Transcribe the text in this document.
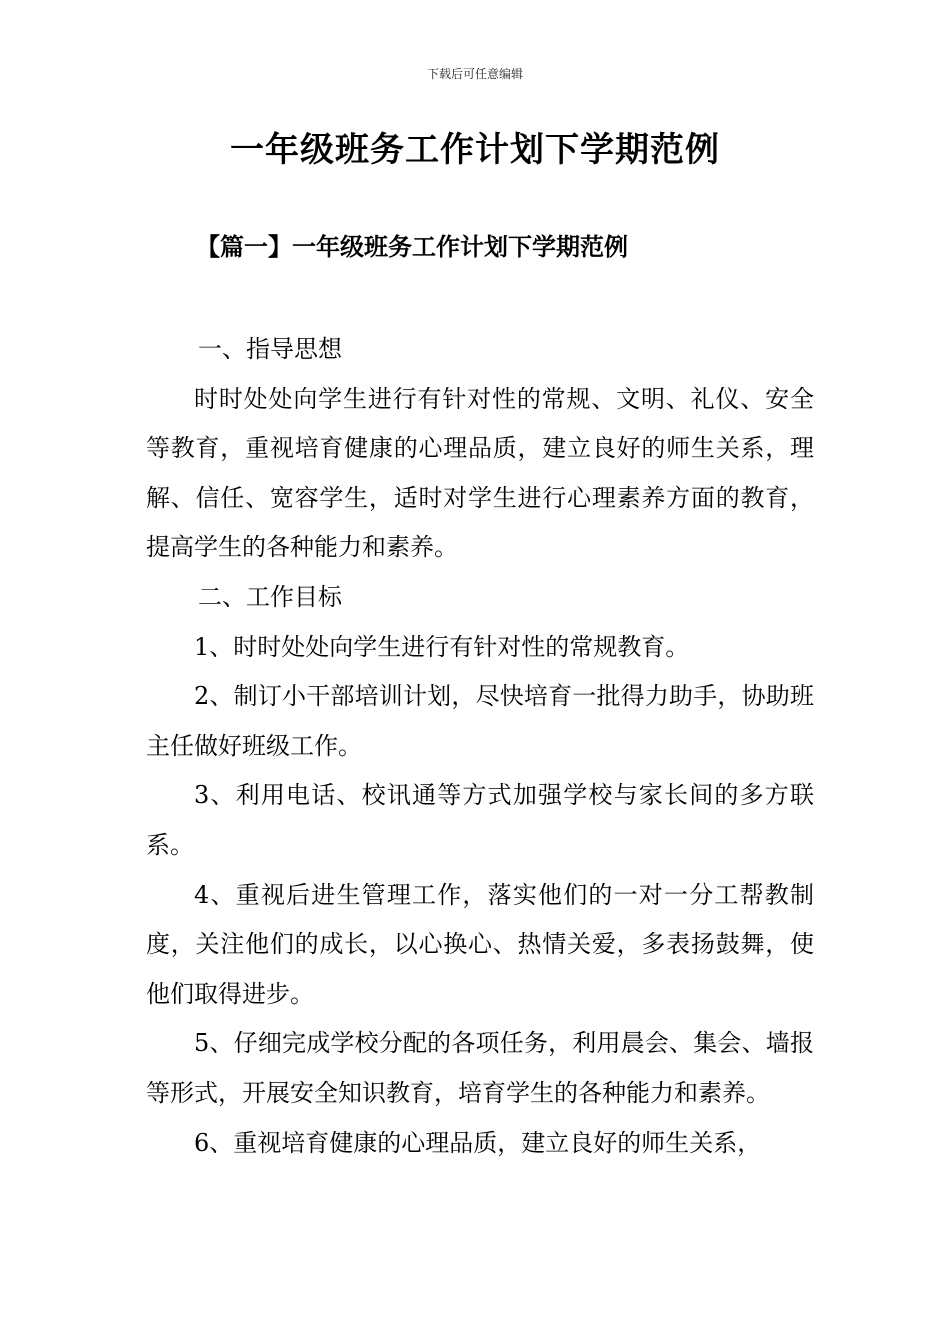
下载后可任意编辑
一年级班务工作计划下学期范例
【篇一】一年级班务工作计划下学期范例

一、指导思想

时时处处向学生进行有针对性的常规、文明、礼仪、安全等教育，重视培育健康的心理品质，建立良好的师生关系，理解、信任、宽容学生，适时对学生进行心理素养方面的教育，提高学生的各种能力和素养。

二、工作目标

1、时时处处向学生进行有针对性的常规教育。

2、制订小干部培训计划，尽快培育一批得力助手，协助班主任做好班级工作。

3、利用电话、校讯通等方式加强学校与家长间的多方联系。

4、重视后进生管理工作，落实他们的一对一分工帮教制度，关注他们的成长，以心换心、热情关爱，多表扬鼓舞，使他们取得进步。

5、仔细完成学校分配的各项任务，利用晨会、集会、墙报等形式，开展安全知识教育，培育学生的各种能力和素养。

6、重视培育健康的心理品质，建立良好的师生关系，
